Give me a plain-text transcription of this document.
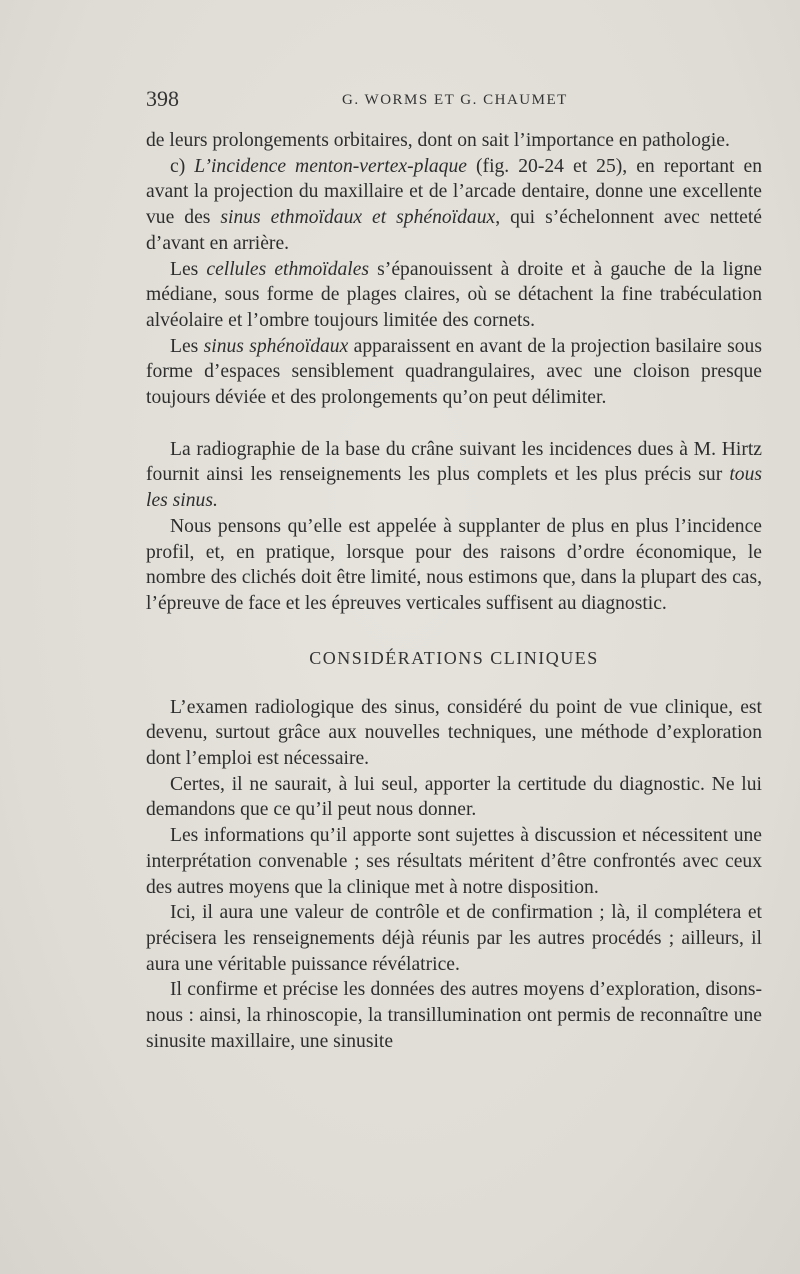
398	G. WORMS ET G. CHAUMET

de leurs prolongements orbitaires, dont on sait l’importance en pathologie.

c) L’incidence menton-vertex-plaque (fig. 20-24 et 25), en reportant en avant la projection du maxillaire et de l’arcade dentaire, donne une excellente vue des sinus ethmoïdaux et sphénoïdaux, qui s’échelonnent avec netteté d’avant en arrière.

Les cellules ethmoïdales s’épanouissent à droite et à gauche de la ligne médiane, sous forme de plages claires, où se détachent la fine trabéculation alvéolaire et l’ombre toujours limitée des cornets.

Les sinus sphénoïdaux apparaissent en avant de la projection basilaire sous forme d’espaces sensiblement quadrangulaires, avec une cloison presque toujours déviée et des prolongements qu’on peut délimiter.

La radiographie de la base du crâne suivant les incidences dues à M. Hirtz fournit ainsi les renseignements les plus complets et les plus précis sur tous les sinus.

Nous pensons qu’elle est appelée à supplanter de plus en plus l’incidence profil, et, en pratique, lorsque pour des raisons d’ordre économique, le nombre des clichés doit être limité, nous estimons que, dans la plupart des cas, l’épreuve de face et les épreuves verticales suffisent au diagnostic.

CONSIDÉRATIONS CLINIQUES

L’examen radiologique des sinus, considéré du point de vue clinique, est devenu, surtout grâce aux nouvelles techniques, une méthode d’exploration dont l’emploi est nécessaire.

Certes, il ne saurait, à lui seul, apporter la certitude du diagnostic. Ne lui demandons que ce qu’il peut nous donner.

Les informations qu’il apporte sont sujettes à discussion et nécessitent une interprétation convenable ; ses résultats méritent d’être confrontés avec ceux des autres moyens que la clinique met à notre disposition.

Ici, il aura une valeur de contrôle et de confirmation ; là, il complétera et précisera les renseignements déjà réunis par les autres procédés ; ailleurs, il aura une véritable puissance révélatrice.

Il confirme et précise les données des autres moyens d’exploration, disons-nous : ainsi, la rhinoscopie, la transillumination ont permis de reconnaître une sinusite maxillaire, une sinusite
